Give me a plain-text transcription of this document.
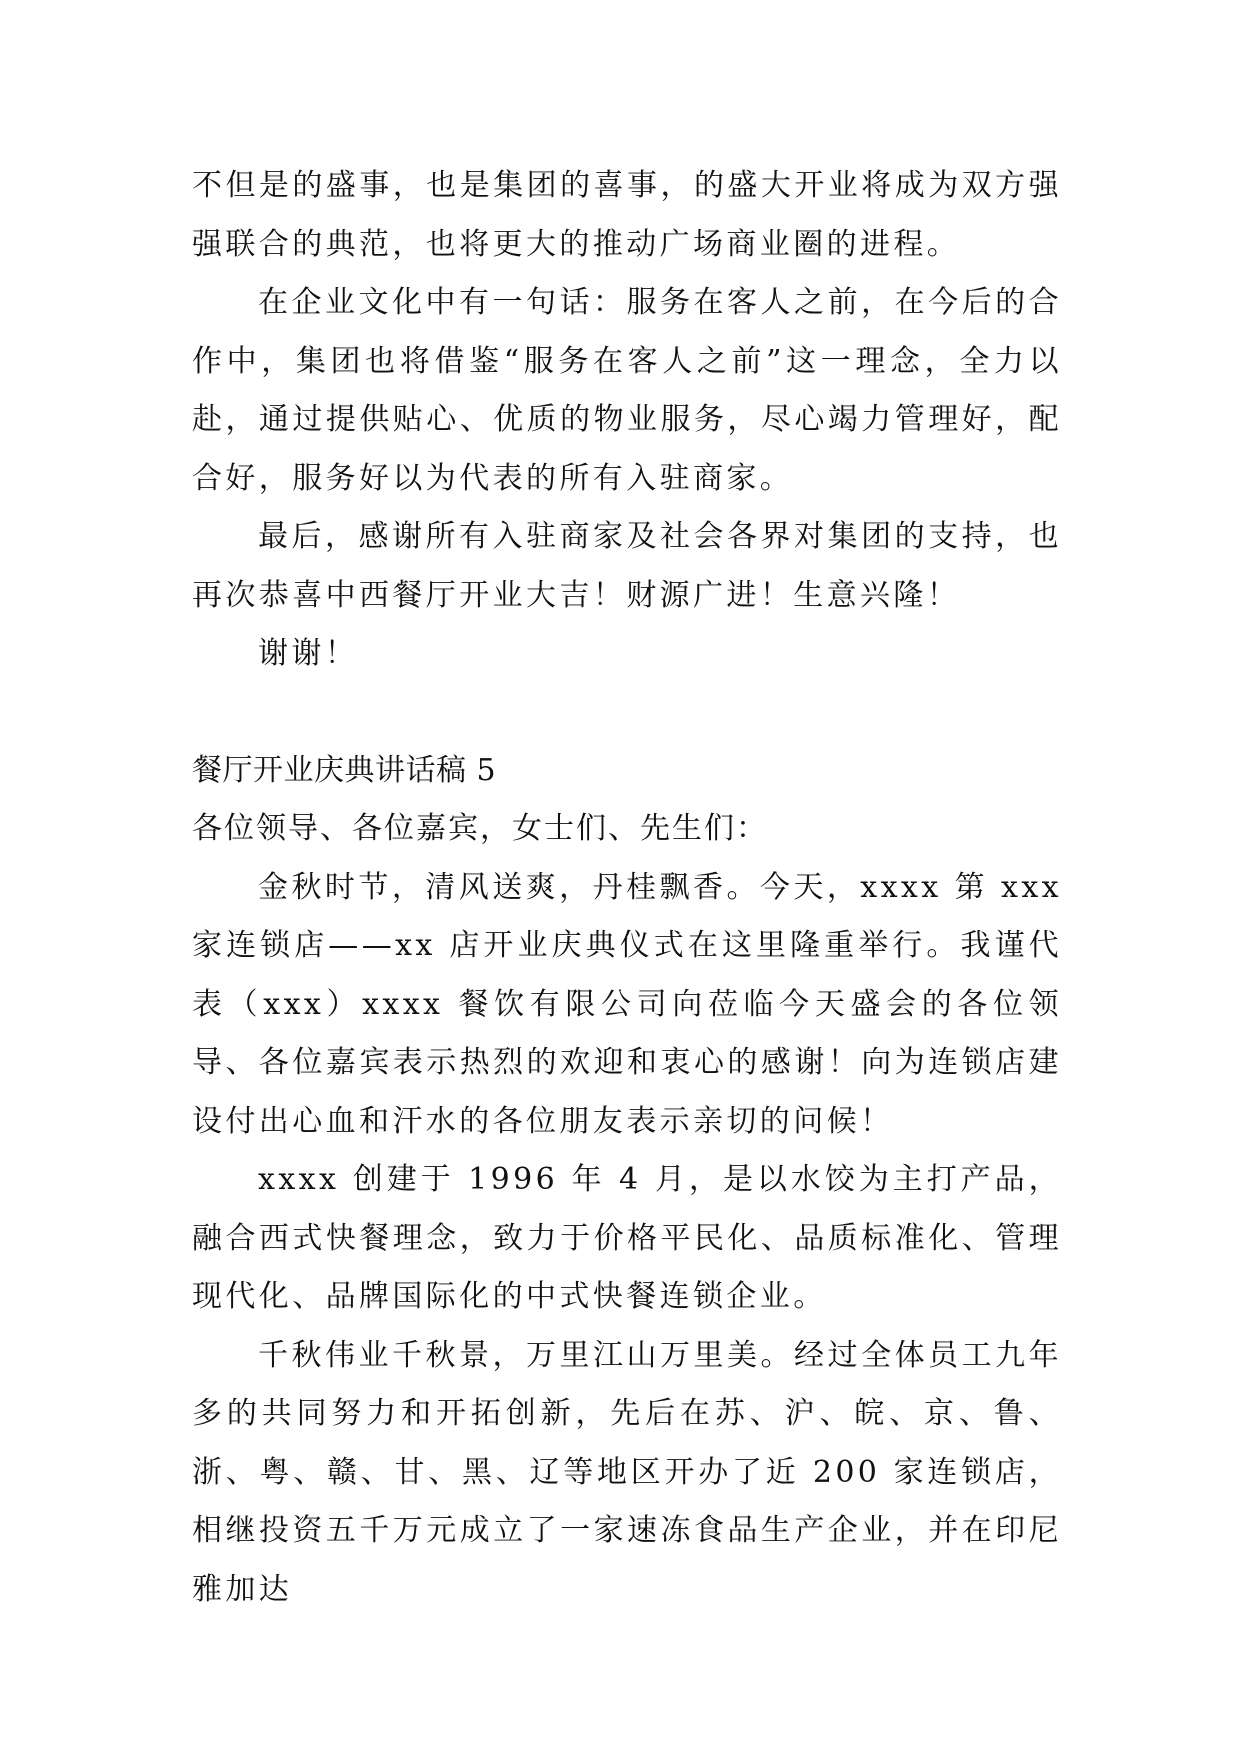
不但是的盛事，也是集团的喜事，的盛大开业将成为双方强强联合的典范，也将更大的推动广场商业圈的进程。

在企业文化中有一句话：服务在客人之前，在今后的合作中，集团也将借鉴“服务在客人之前”这一理念，全力以赴，通过提供贴心、优质的物业服务，尽心竭力管理好，配合好，服务好以为代表的所有入驻商家。

最后，感谢所有入驻商家及社会各界对集团的支持，也再次恭喜中西餐厅开业大吉！财源广进！生意兴隆！

谢谢！

餐厅开业庆典讲话稿 5

各位领导、各位嘉宾，女士们、先生们：

金秋时节，清风送爽，丹桂飘香。今天，xxxx 第 xxx 家连锁店——xx 店开业庆典仪式在这里隆重举行。我谨代表（xxx）xxxx 餐饮有限公司向莅临今天盛会的各位领导、各位嘉宾表示热烈的欢迎和衷心的感谢！向为连锁店建设付出心血和汗水的各位朋友表示亲切的问候！

xxxx 创建于 1996 年 4 月，是以水饺为主打产品，融合西式快餐理念，致力于价格平民化、品质标准化、管理现代化、品牌国际化的中式快餐连锁企业。

千秋伟业千秋景，万里江山万里美。经过全体员工九年多的共同努力和开拓创新，先后在苏、沪、皖、京、鲁、浙、粤、赣、甘、黑、辽等地区开办了近 200 家连锁店，相继投资五千万元成立了一家速冻食品生产企业，并在印尼雅加达
